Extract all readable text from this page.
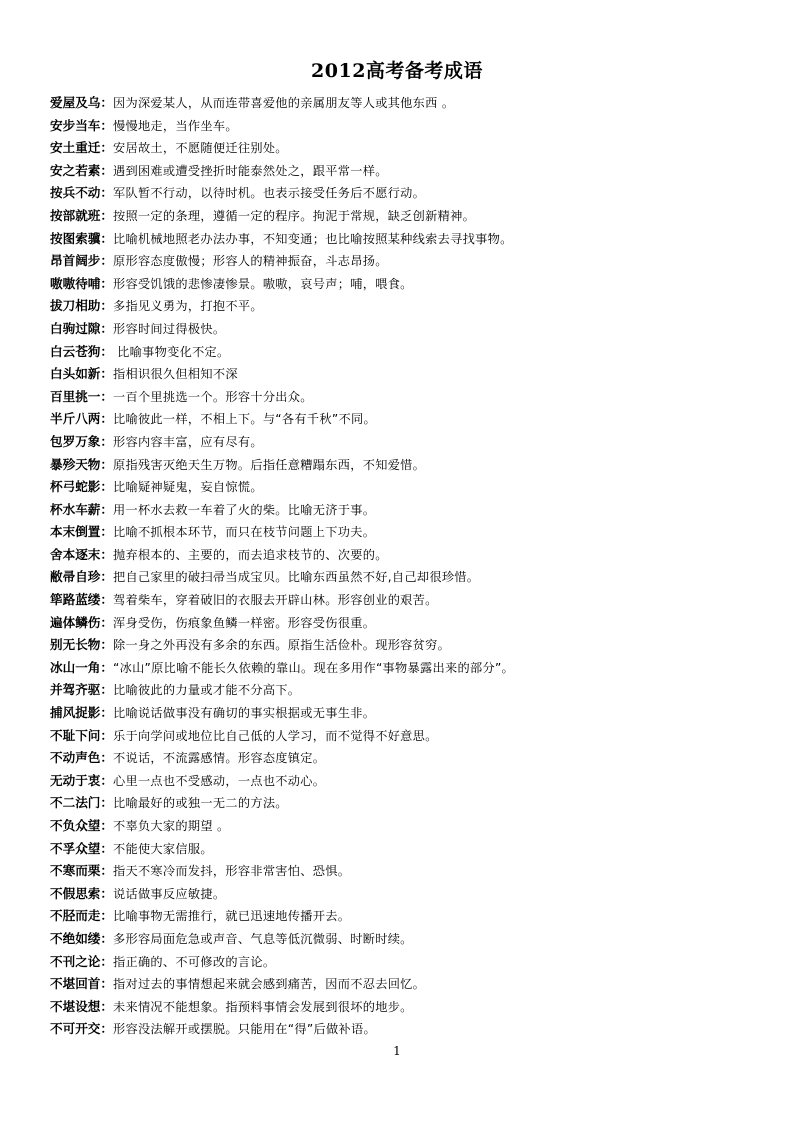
2012高考备考成语
爱屋及乌：因为深爱某人，从而连带喜爱他的亲属朋友等人或其他东西 。
安步当车：慢慢地走，当作坐车。
安土重迁：安居故土，不愿随便迁往别处。
安之若素：遇到困难或遭受挫折时能泰然处之，跟平常一样。
按兵不动：军队暂不行动，以待时机。也表示接受任务后不愿行动。
按部就班：按照一定的条理，遵循一定的程序。拘泥于常规，缺乏创新精神。
按图索骥：比喻机械地照老办法办事，不知变通；也比喻按照某种线索去寻找事物。
昂首阔步：原形容态度傲慢；形容人的精神振奋，斗志昂扬。
嗷嗷待哺：形容受饥饿的悲惨凄惨景。嗷嗷，哀号声；哺，喂食。
拔刀相助：多指见义勇为，打抱不平。
白驹过隙：形容时间过得极快。
白云苍狗： 比喻事物变化不定。
白头如新：指相识很久但相知不深
百里挑一：一百个里挑选一个。形容十分出众。
半斤八两：比喻彼此一样，不相上下。与“各有千秋”不同。
包罗万象：形容内容丰富，应有尽有。
暴殄天物：原指残害灭绝天生万物。后指任意糟蹋东西，不知爱惜。
杯弓蛇影：比喻疑神疑鬼，妄自惊慌。
杯水车薪：用一杯水去救一车着了火的柴。比喻无济于事。
本末倒置：比喻不抓根本环节，而只在枝节问题上下功夫。
舍本逐末：抛弃根本的、主要的，而去追求枝节的、次要的。
敝帚自珍：把自己家里的破扫帚当成宝贝。比喻东西虽然不好,自己却很珍惜。
筚路蓝缕：驾着柴车，穿着破旧的衣服去开辟山林。形容创业的艰苦。
遍体鳞伤：浑身受伤，伤痕象鱼鳞一样密。形容受伤很重。
别无长物：除一身之外再没有多余的东西。原指生活俭朴。现形容贫穷。
冰山一角：“冰山”原比喻不能长久依赖的靠山。现在多用作“事物暴露出来的部分”。
并驾齐驱：比喻彼此的力量或才能不分高下。
捕风捉影：比喻说话做事没有确切的事实根据或无事生非。
不耻下问：乐于向学问或地位比自己低的人学习，而不觉得不好意思。
不动声色：不说话，不流露感情。形容态度镇定。
无动于衷：心里一点也不受感动，一点也不动心。
不二法门：比喻最好的或独一无二的方法。
不负众望：不辜负大家的期望 。
不孚众望：不能使大家信服。
不寒而栗：指天不寒冷而发抖，形容非常害怕、恐惧。
不假思索：说话做事反应敏捷。
不胫而走：比喻事物无需推行，就已迅速地传播开去。
不绝如缕：多形容局面危急或声音、气息等低沉微弱、时断时续。
不刊之论：指正确的、不可修改的言论。
不堪回首：指对过去的事情想起来就会感到痛苦，因而不忍去回忆。
不堪设想：未来情况不能想象。指预料事情会发展到很坏的地步。
不可开交：形容没法解开或摆脱。只能用在“得”后做补语。
1
